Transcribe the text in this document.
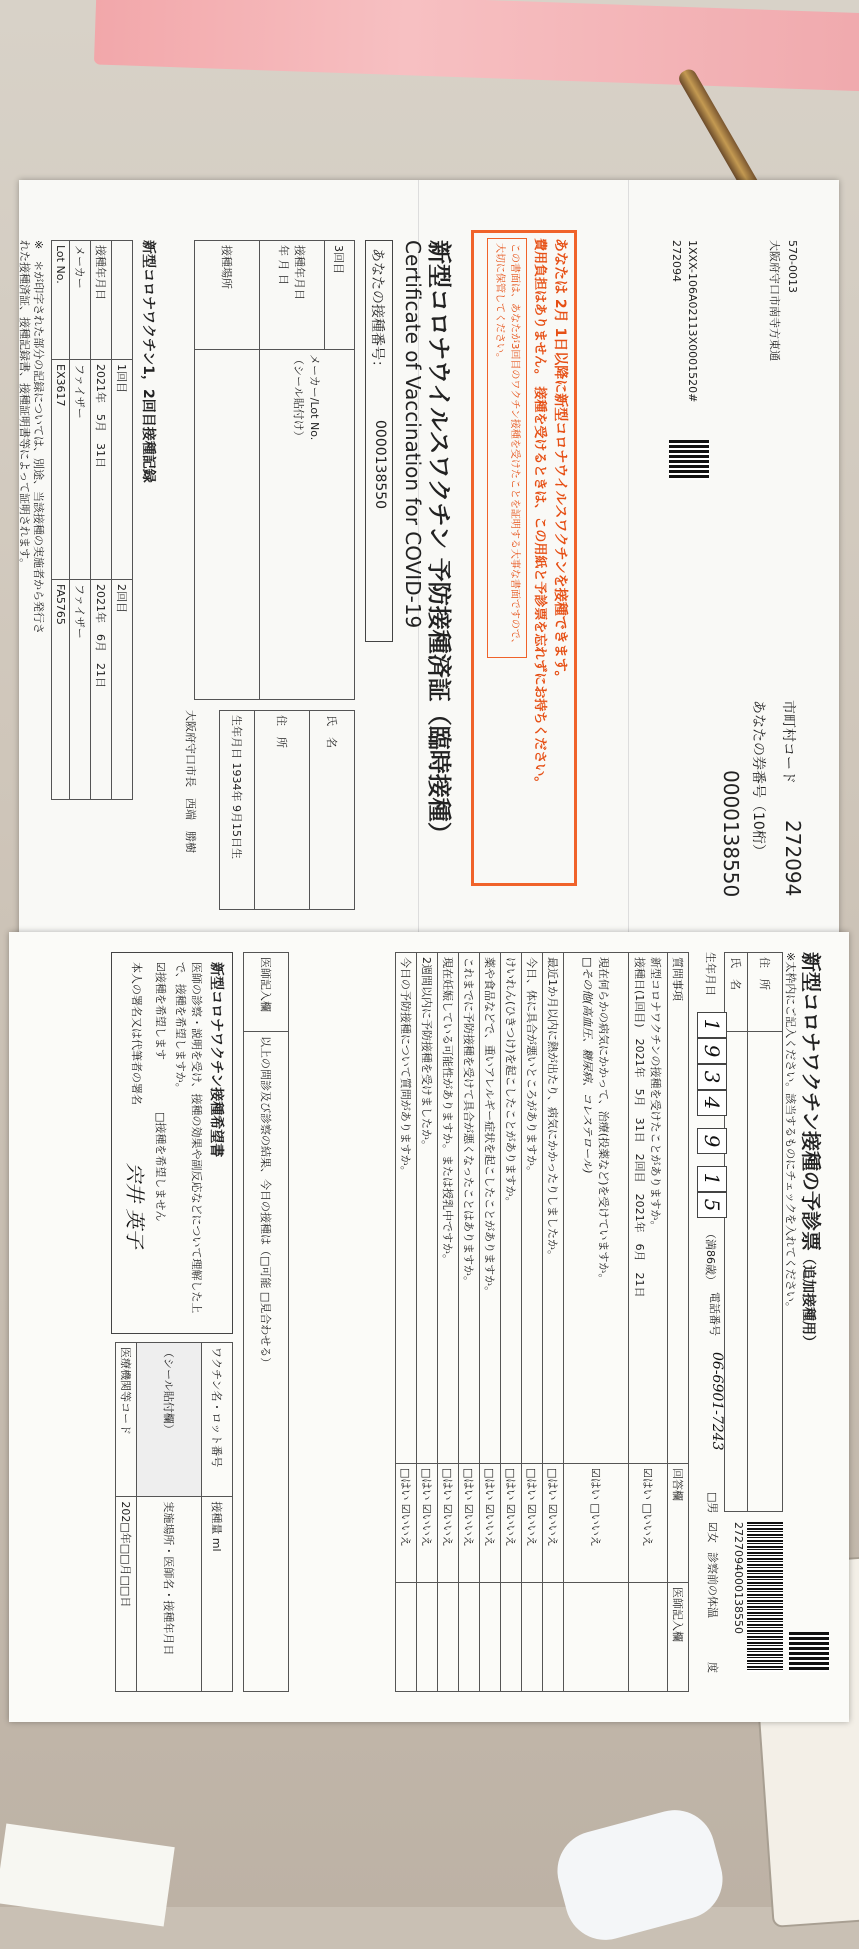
市町村コード
272094
あなたの券番号（10桁）
0000138550
570-0013
大阪府守口市南寺方東通
1XXX-106A02113X0001520#
272094
あなたは 2月 1日以降に新型コロナウイルスワクチンを接種できます。
費用負担はありません。 接種を受けるときは、この用紙と予診票を忘れずにお持ちください。
この書面は、あなたが3回目のワクチン接種を受けたことを証明する大事な書面ですので、大切に保管してください。
新型コロナウイルスワクチン 予防接種済証（臨時接種）
Certificate of Vaccination for COVID-19
あなたの接種番号：
0000138550
3回目	メーカー/Lot No.
（シール貼付け）

接種年月日
年 月 日	

接種場所	
氏　名
住　所
生年月日 1934年 9月15日生
大阪府守口市長　西端　勝樹
新型コロナワクチン1，2回目接種記録
	1回目	2回目
接種年月日	2021年　5月　31日	2021年　6月　21日
メーカー	ファイザー	ファイザー
Lot No.	EX3617	FA5765
※　＊が印字された部分の記録については、別途、当該接種の実施者から発行さ
れた接種済証、接種記録書、接種証明書等によって証明されます。
新型コロナワクチン接種の予診票（追加接種用）
※太枠内にご記入ください。該当するものにチェックを入れてください。
住　所	
氏　名	
2727094000138550
生年月日
1
9
3
4
9
1
5
（満86歳）
電話番号
06-6901-7243
□男
☑女
診察前の体温
度
質問事項	回答欄	医師記入欄

新型コロナワクチンの接種を受けたことがありますか。
接種日(1回目)　2021年　5月　31日　2回目　2021年　6月　21日	☑はい □いいえ	

現在何らかの病気にかかって、治療(投薬など)を受けていますか。
□その他(高血圧、糖尿病、コレステロール)	☑はい □いいえ	
最近1か月以内に熱が出たり、病気にかかったりしましたか。	□はい ☑いいえ	
今日、体に具合が悪いところがありますか。	□はい ☑いいえ	
けいれん(ひきつけ)を起こしたことがありますか。	□はい ☑いいえ	
薬や食品などで、重いアレルギー症状を起こしたことがありますか。	□はい ☑いいえ	
これまでに予防接種を受けて具合が悪くなったことはありますか。	□はい ☑いいえ	
現在妊娠している可能性がありますか。または授乳中ですか。	□はい ☑いいえ	
2週間以内に予防接種を受けましたか。	□はい ☑いいえ	
今日の予防接種について質問がありますか。	□はい ☑いいえ	
医師記入欄	以上の問診及び診察の結果、今日の接種は（□可能 □見合わせる）
新型コロナワクチン接種希望書
医師の診察・説明を受け、接種の効果や副反応などについて理解した上で、接種を希望しますか。
☑接種を希望します
□接種を希望しません
本人の署名又は代筆者の署名
宍井 英子
ワクチン名・ロット番号	接種量 ml
（シール貼付欄）	実施場所・医師名・接種年月日
医療機関等コード	202□年□□月□□日
